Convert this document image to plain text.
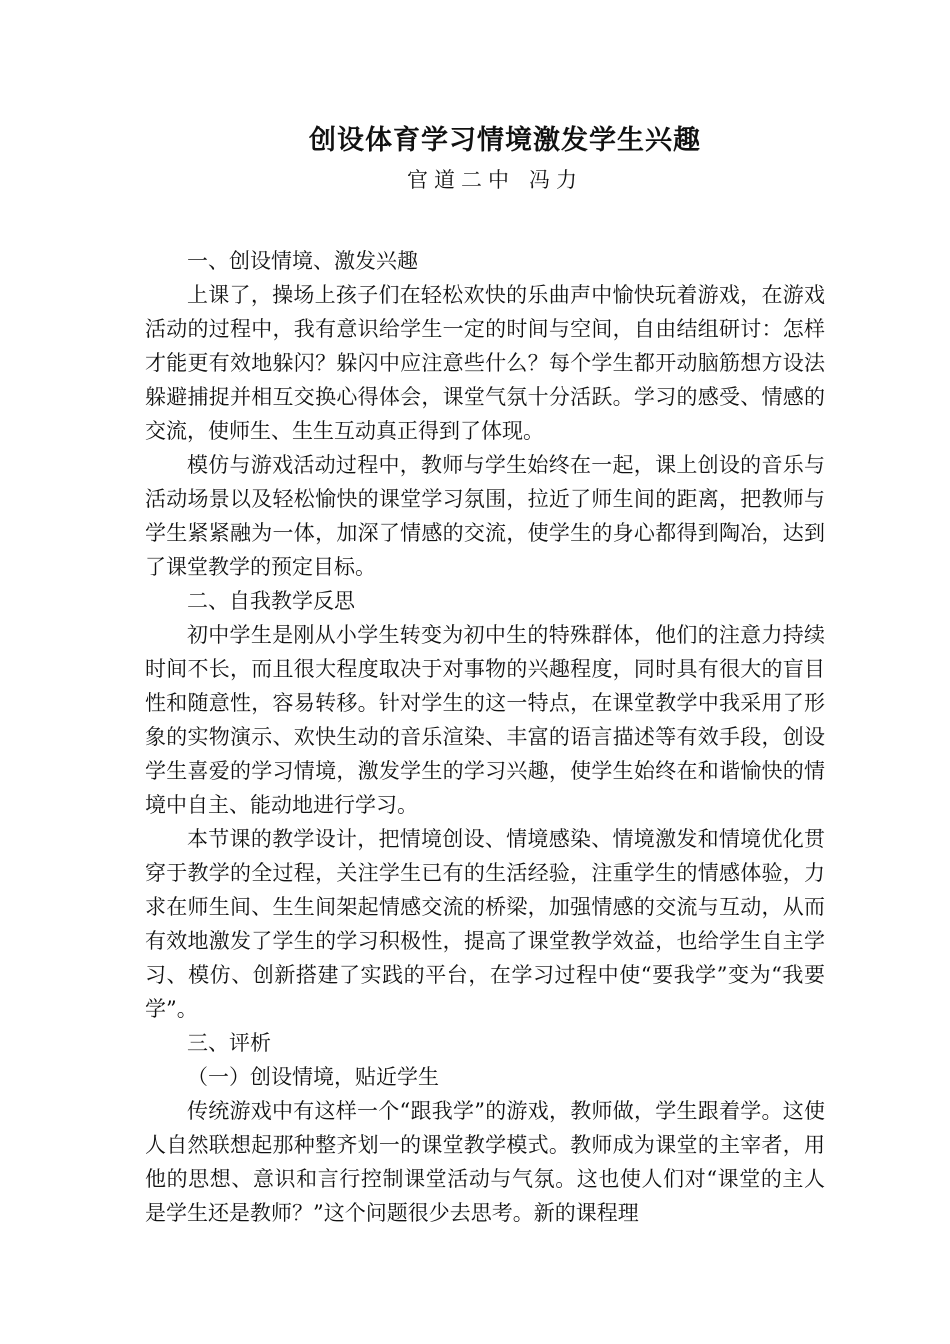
创设体育学习情境激发学生兴趣
官道二中 冯力

一、创设情境、激发兴趣

上课了，操场上孩子们在轻松欢快的乐曲声中愉快玩着游戏，在游戏活动的过程中，我有意识给学生一定的时间与空间，自由结组研讨：怎样才能更有效地躲闪？躲闪中应注意些什么？每个学生都开动脑筋想方设法躲避捕捉并相互交换心得体会，课堂气氛十分活跃。学习的感受、情感的交流，使师生、生生互动真正得到了体现。

模仿与游戏活动过程中，教师与学生始终在一起，课上创设的音乐与活动场景以及轻松愉快的课堂学习氛围，拉近了师生间的距离，把教师与学生紧紧融为一体，加深了情感的交流，使学生的身心都得到陶冶，达到了课堂教学的预定目标。

二、自我教学反思

初中学生是刚从小学生转变为初中生的特殊群体，他们的注意力持续时间不长，而且很大程度取决于对事物的兴趣程度，同时具有很大的盲目性和随意性，容易转移。针对学生的这一特点，在课堂教学中我采用了形象的实物演示、欢快生动的音乐渲染、丰富的语言描述等有效手段，创设学生喜爱的学习情境，激发学生的学习兴趣，使学生始终在和谐愉快的情境中自主、能动地进行学习。

本节课的教学设计，把情境创设、情境感染、情境激发和情境优化贯穿于教学的全过程，关注学生已有的生活经验，注重学生的情感体验，力求在师生间、生生间架起情感交流的桥梁，加强情感的交流与互动，从而有效地激发了学生的学习积极性，提高了课堂教学效益，也给学生自主学习、模仿、创新搭建了实践的平台，在学习过程中使“要我学”变为“我要学”。

三、评析

（一）创设情境，贴近学生

传统游戏中有这样一个“跟我学”的游戏，教师做，学生跟着学。这使人自然联想起那种整齐划一的课堂教学模式。教师成为课堂的主宰者，用他的思想、意识和言行控制课堂活动与气氛。这也使人们对“课堂的主人是学生还是教师？”这个问题很少去思考。新的课程理
